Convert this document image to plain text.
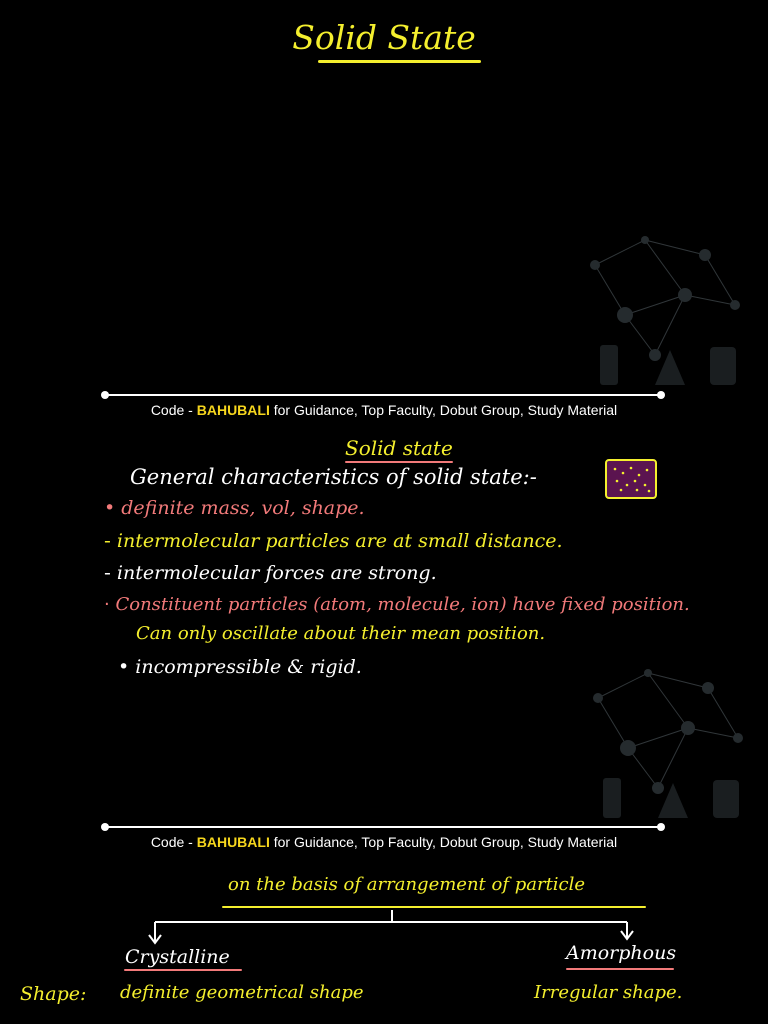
Solid State
Code - BAHUBALI for Guidance, Top Faculty, Dobut Group, Study Material
Solid state
General characteristics of solid state:-
• definite mass, vol, shape.
- intermolecular particles are at small distance.
- intermolecular forces are strong.
· Constituent particles (atom, molecule, ion) have fixed position.
Can only oscillate about their mean position.
• incompressible & rigid.
Code - BAHUBALI for Guidance, Top Faculty, Dobut Group, Study Material
on the basis of arrangement of particle
Crystalline	Amorphous
Shape: definite geometrical shape	Irregular shape.
